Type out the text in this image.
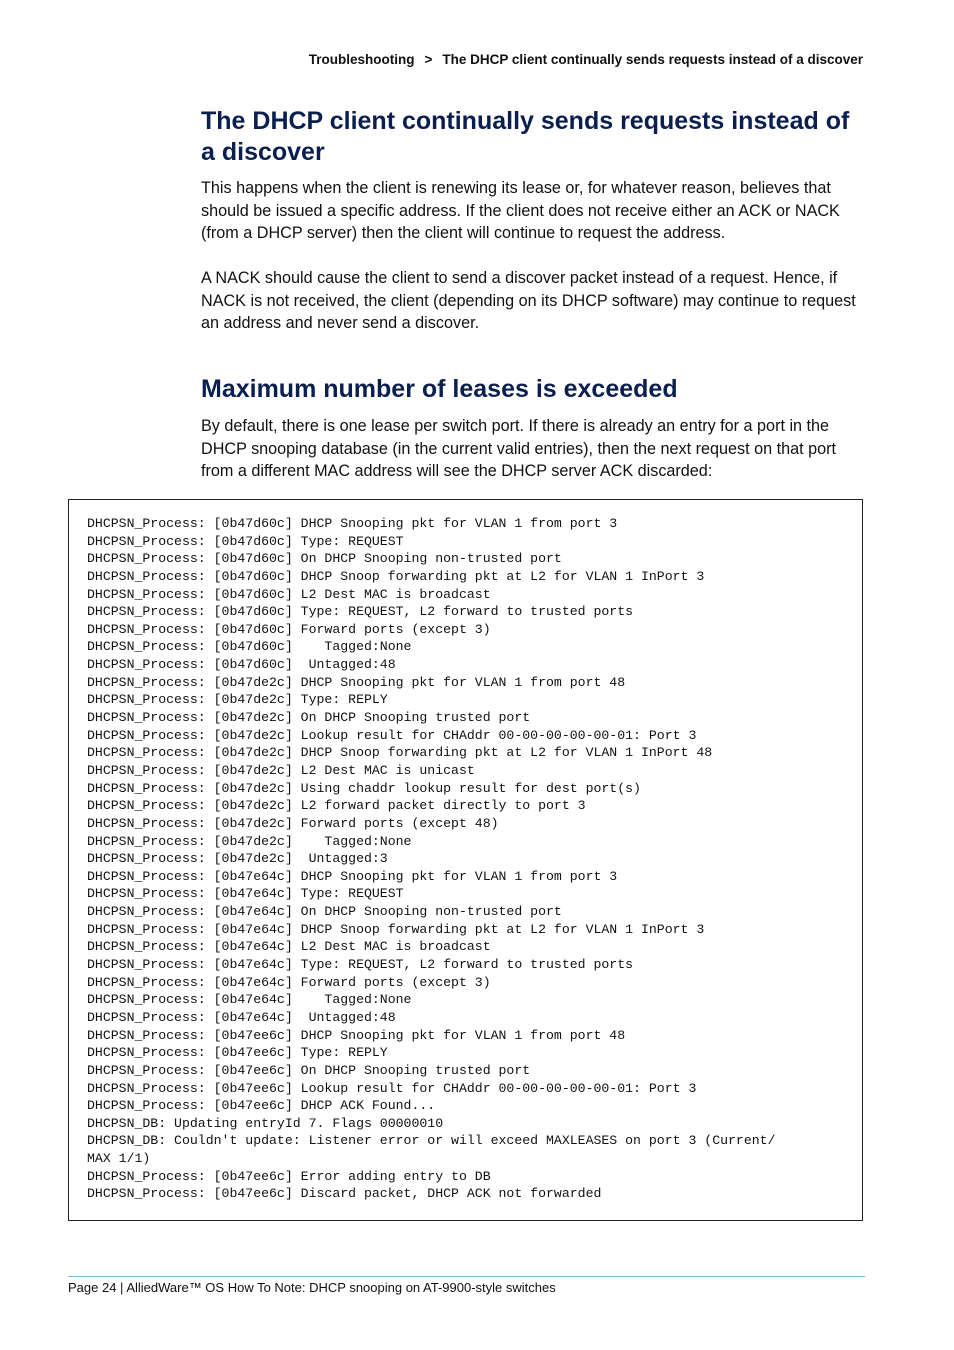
Troubleshooting > The DHCP client continually sends requests instead of a discover
The DHCP client continually sends requests instead of a discover

This happens when the client is renewing its lease or, for whatever reason, believes that should be issued a specific address. If the client does not receive either an ACK or NACK (from a DHCP server) then the client will continue to request the address.

A NACK should cause the client to send a discover packet instead of a request. Hence, if NACK is not received, the client (depending on its DHCP software) may continue to request an address and never send a discover.

Maximum number of leases is exceeded

By default, there is one lease per switch port. If there is already an entry for a port in the DHCP snooping database (in the current valid entries), then the next request on that port from a different MAC address will see the DHCP server ACK discarded:

DHCPSN_Process: [0b47d60c] DHCP Snooping pkt for VLAN 1 from port 3
DHCPSN_Process: [0b47d60c] Type: REQUEST
DHCPSN_Process: [0b47d60c] On DHCP Snooping non-trusted port
DHCPSN_Process: [0b47d60c] DHCP Snoop forwarding pkt at L2 for VLAN 1 InPort 3
DHCPSN_Process: [0b47d60c] L2 Dest MAC is broadcast
DHCPSN_Process: [0b47d60c] Type: REQUEST, L2 forward to trusted ports
DHCPSN_Process: [0b47d60c] Forward ports (except 3)
DHCPSN_Process: [0b47d60c]    Tagged:None
DHCPSN_Process: [0b47d60c]  Untagged:48
DHCPSN_Process: [0b47de2c] DHCP Snooping pkt for VLAN 1 from port 48
DHCPSN_Process: [0b47de2c] Type: REPLY
DHCPSN_Process: [0b47de2c] On DHCP Snooping trusted port
DHCPSN_Process: [0b47de2c] Lookup result for CHAddr 00-00-00-00-00-01: Port 3
DHCPSN_Process: [0b47de2c] DHCP Snoop forwarding pkt at L2 for VLAN 1 InPort 48
DHCPSN_Process: [0b47de2c] L2 Dest MAC is unicast
DHCPSN_Process: [0b47de2c] Using chaddr lookup result for dest port(s)
DHCPSN_Process: [0b47de2c] L2 forward packet directly to port 3
DHCPSN_Process: [0b47de2c] Forward ports (except 48)
DHCPSN_Process: [0b47de2c]    Tagged:None
DHCPSN_Process: [0b47de2c]  Untagged:3
DHCPSN_Process: [0b47e64c] DHCP Snooping pkt for VLAN 1 from port 3
DHCPSN_Process: [0b47e64c] Type: REQUEST
DHCPSN_Process: [0b47e64c] On DHCP Snooping non-trusted port
DHCPSN_Process: [0b47e64c] DHCP Snoop forwarding pkt at L2 for VLAN 1 InPort 3
DHCPSN_Process: [0b47e64c] L2 Dest MAC is broadcast
DHCPSN_Process: [0b47e64c] Type: REQUEST, L2 forward to trusted ports
DHCPSN_Process: [0b47e64c] Forward ports (except 3)
DHCPSN_Process: [0b47e64c]    Tagged:None
DHCPSN_Process: [0b47e64c]  Untagged:48
DHCPSN_Process: [0b47ee6c] DHCP Snooping pkt for VLAN 1 from port 48
DHCPSN_Process: [0b47ee6c] Type: REPLY
DHCPSN_Process: [0b47ee6c] On DHCP Snooping trusted port
DHCPSN_Process: [0b47ee6c] Lookup result for CHAddr 00-00-00-00-00-01: Port 3
DHCPSN_Process: [0b47ee6c] DHCP ACK Found...
DHCPSN_DB: Updating entryId 7. Flags 00000010
DHCPSN_DB: Couldn't update: Listener error or will exceed MAXLEASES on port 3 (Current/
MAX 1/1)
DHCPSN_Process: [0b47ee6c] Error adding entry to DB
DHCPSN_Process: [0b47ee6c] Discard packet, DHCP ACK not forwarded
Page 24 | AlliedWare™ OS How To Note: DHCP snooping on AT-9900-style switches
